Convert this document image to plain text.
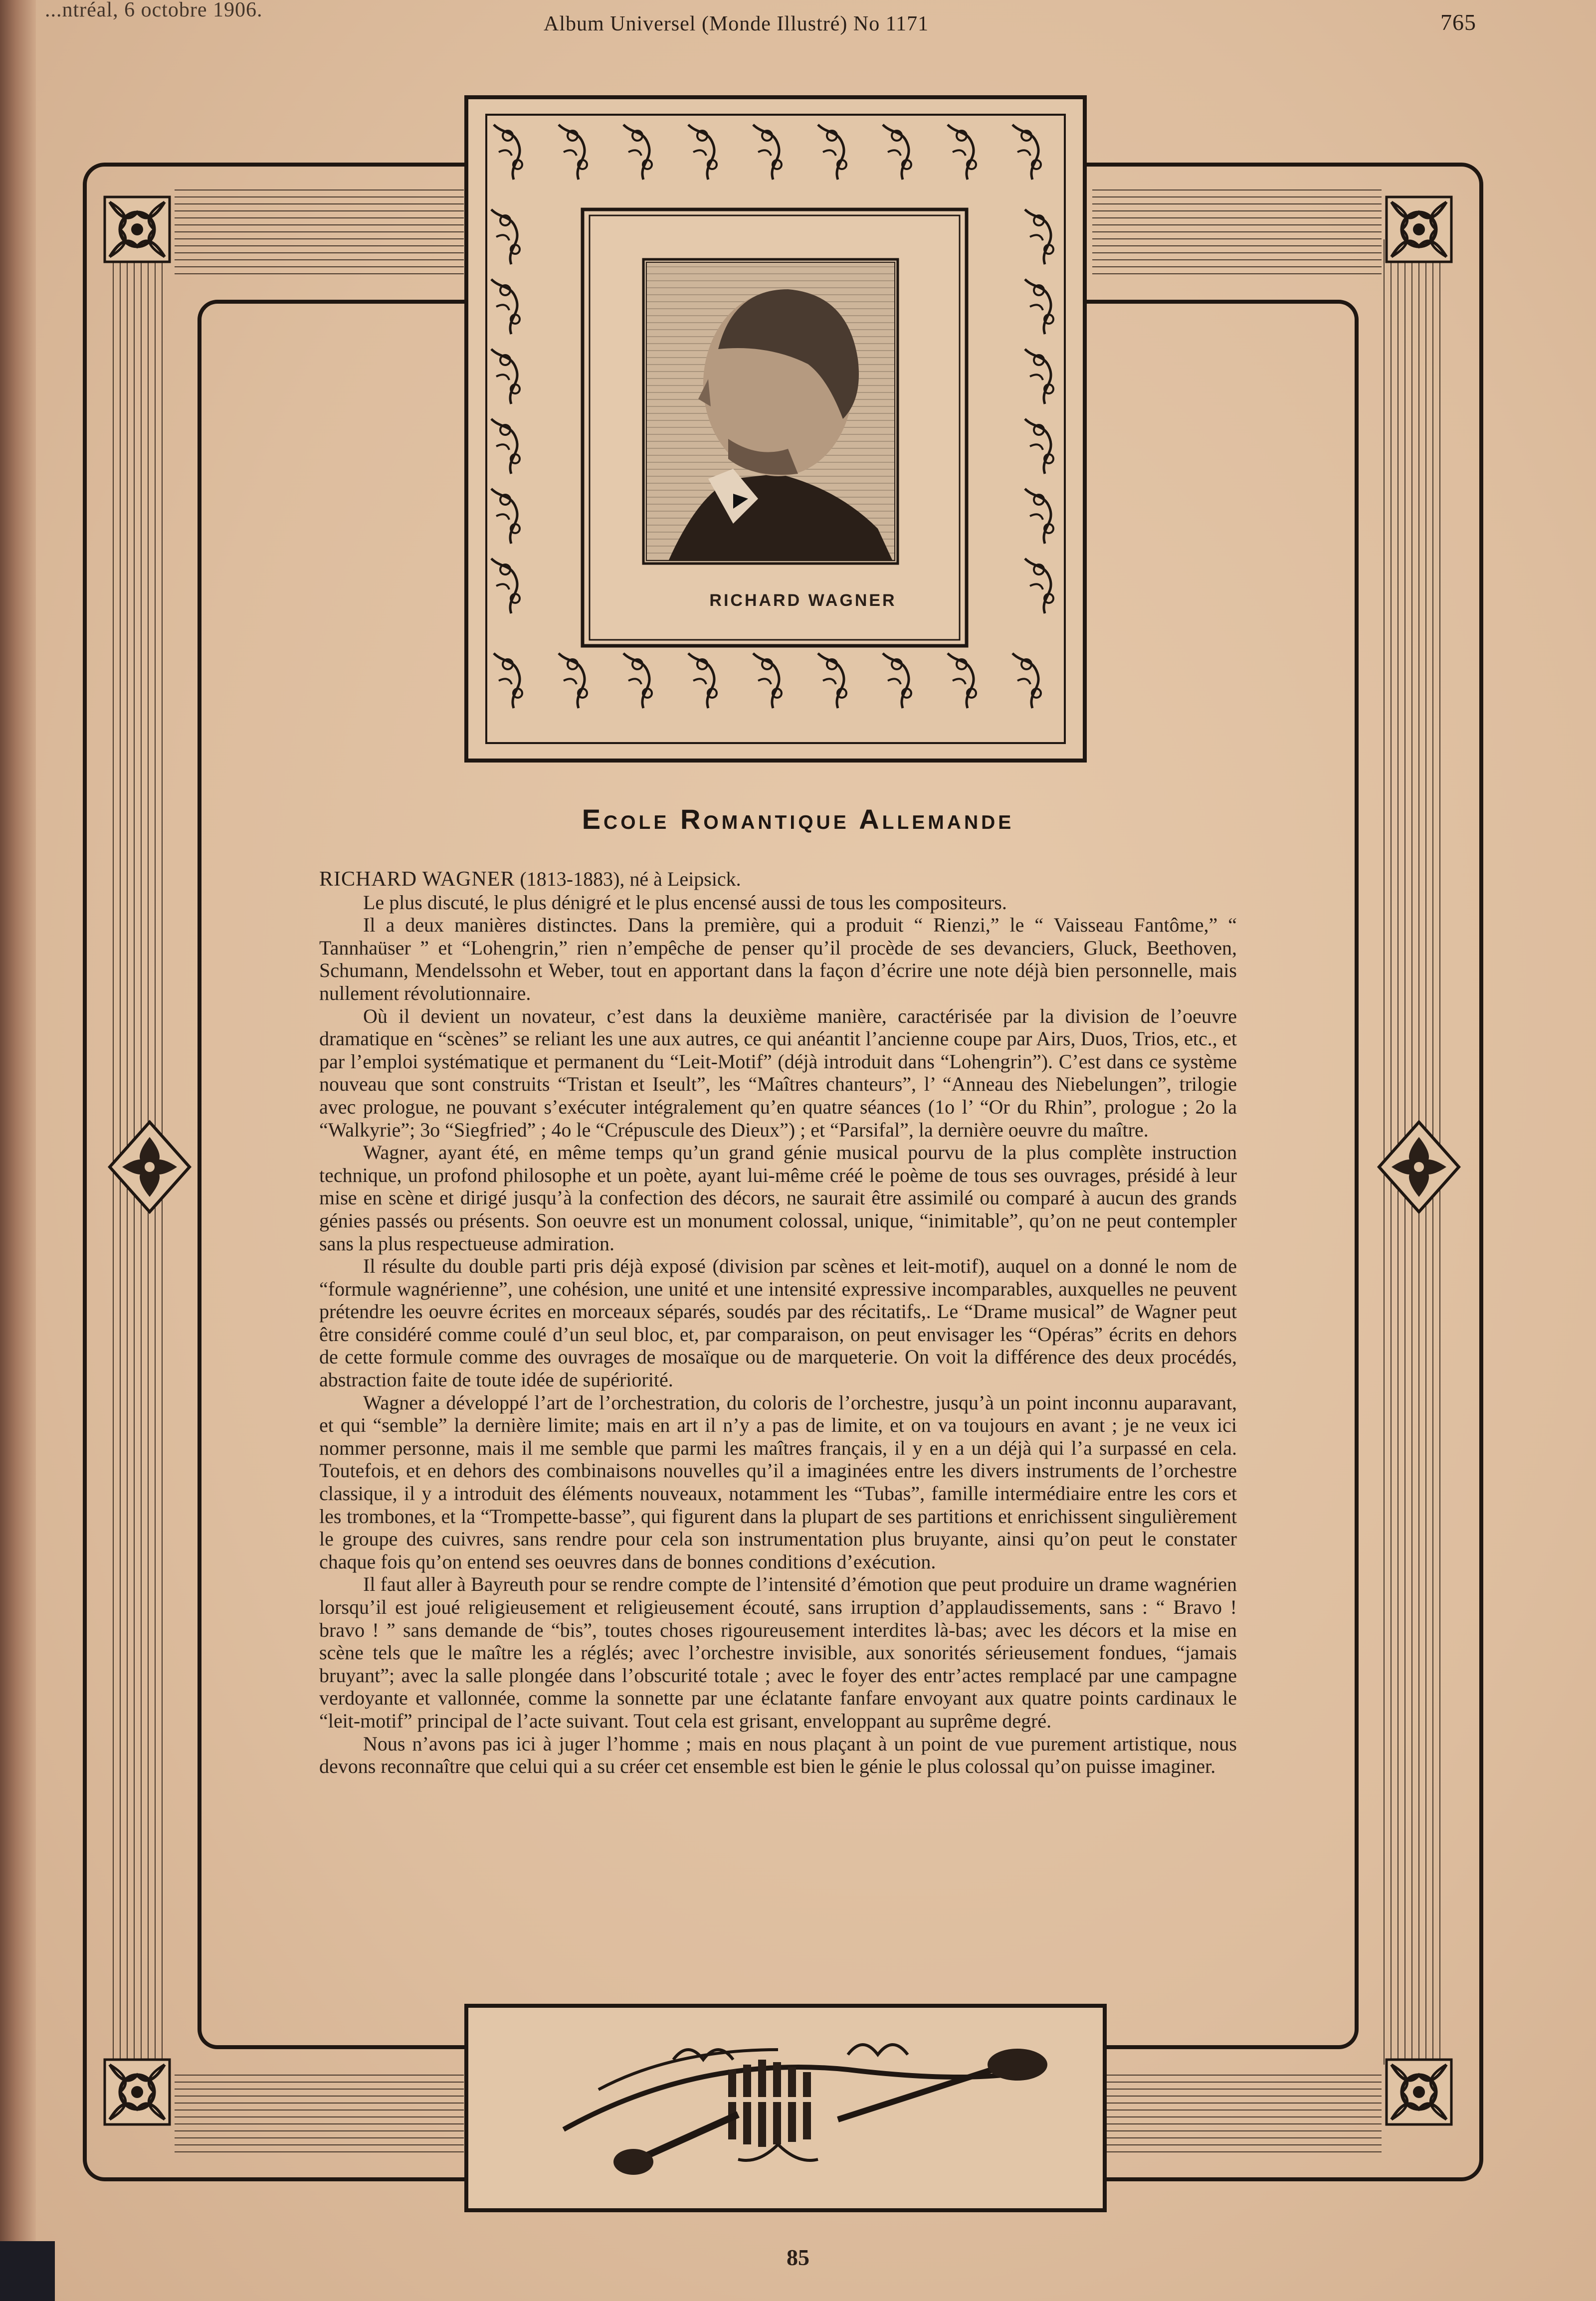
...ntréal, 6 octobre 1906.
Album Universel (Monde Illustré) No 1171	765
RICHARD WAGNER
Ecole Romantique Allemande

RICHARD WAGNER (1813-1883), né à Leipsick.

Le plus discuté, le plus dénigré et le plus encensé aussi de tous les compositeurs.

Il a deux manières distinctes. Dans la première, qui a produit “ Rienzi,” le “ Vaisseau Fantôme,” “ Tannhaüser ” et “Lohengrin,” rien n’empêche de penser qu’il procède de ses devanciers, Gluck, Beethoven, Schumann, Mendelssohn et Weber, tout en apportant dans la façon d’écrire une note déjà bien personnelle, mais nullement révolutionnaire.

Où il devient un novateur, c’est dans la deuxième manière, caractérisée par la division de l’oeuvre dramatique en “scènes” se reliant les une aux autres, ce qui anéantit l’ancienne coupe par Airs, Duos, Trios, etc., et par l’emploi systématique et permanent du “Leit-Motif” (déjà introduit dans “Lohengrin”). C’est dans ce système nouveau que sont construits “Tristan et Iseult”, les “Maîtres chanteurs”, l’ “Anneau des Niebelungen”, trilogie avec prologue, ne pouvant s’exécuter intégralement qu’en quatre séances (1o l’ “Or du Rhin”, prologue ; 2o la “Walkyrie”; 3o “Siegfried” ; 4o le “Crépuscule des Dieux”) ; et “Parsifal”, la dernière oeuvre du maître.

Wagner, ayant été, en même temps qu’un grand génie musical pourvu de la plus complète instruction technique, un profond philosophe et un poète, ayant lui-même créé le poème de tous ses ouvrages, présidé à leur mise en scène et dirigé jusqu’à la confection des décors, ne saurait être assimilé ou comparé à aucun des grands génies passés ou présents. Son oeuvre est un monument colossal, unique, “inimitable”, qu’on ne peut contempler sans la plus respectueuse admiration.

Il résulte du double parti pris déjà exposé (division par scènes et leit-motif), auquel on a donné le nom de “formule wagnérienne”, une cohésion, une unité et une intensité expressive incomparables, auxquelles ne peuvent prétendre les oeuvre écrites en morceaux séparés, soudés par des récitatifs,. Le “Drame musical” de Wagner peut être considéré comme coulé d’un seul bloc, et, par comparaison, on peut envisager les “Opéras” écrits en dehors de cette formule comme des ouvrages de mosaïque ou de marqueterie. On voit la différence des deux procédés, abstraction faite de toute idée de supériorité.

Wagner a développé l’art de l’orchestration, du coloris de l’orchestre, jusqu’à un point inconnu auparavant, et qui “semble” la dernière limite; mais en art il n’y a pas de limite, et on va toujours en avant ; je ne veux ici nommer personne, mais il me semble que parmi les maîtres français, il y en a un déjà qui l’a surpassé en cela. Toutefois, et en dehors des combinaisons nouvelles qu’il a imaginées entre les divers instruments de l’orchestre classique, il y a introduit des éléments nouveaux, notamment les “Tubas”, famille intermédiaire entre les cors et les trombones, et la “Trompette-basse”, qui figurent dans la plupart de ses partitions et enrichissent singulièrement le groupe des cuivres, sans rendre pour cela son instrumentation plus bruyante, ainsi qu’on peut le constater chaque fois qu’on entend ses oeuvres dans de bonnes conditions d’exécution.

Il faut aller à Bayreuth pour se rendre compte de l’intensité d’émotion que peut produire un drame wagnérien lorsqu’il est joué religieusement et religieusement écouté, sans irruption d’applaudissements, sans : “ Bravo ! bravo ! ” sans demande de “bis”, toutes choses rigoureusement interdites là-bas; avec les décors et la mise en scène tels que le maître les a réglés; avec l’orchestre invisible, aux sonorités sérieusement fondues, “jamais bruyant”; avec la salle plongée dans l’obscurité totale ; avec le foyer des entr’actes remplacé par une campagne verdoyante et vallonnée, comme la sonnette par une éclatante fanfare envoyant aux quatre points cardinaux le “leit-motif” principal de l’acte suivant. Tout cela est grisant, enveloppant au suprême degré.

Nous n’avons pas ici à juger l’homme ; mais en nous plaçant à un point de vue purement artistique, nous devons reconnaître que celui qui a su créer cet ensemble est bien le génie le plus colossal qu’on puisse imaginer.

85
